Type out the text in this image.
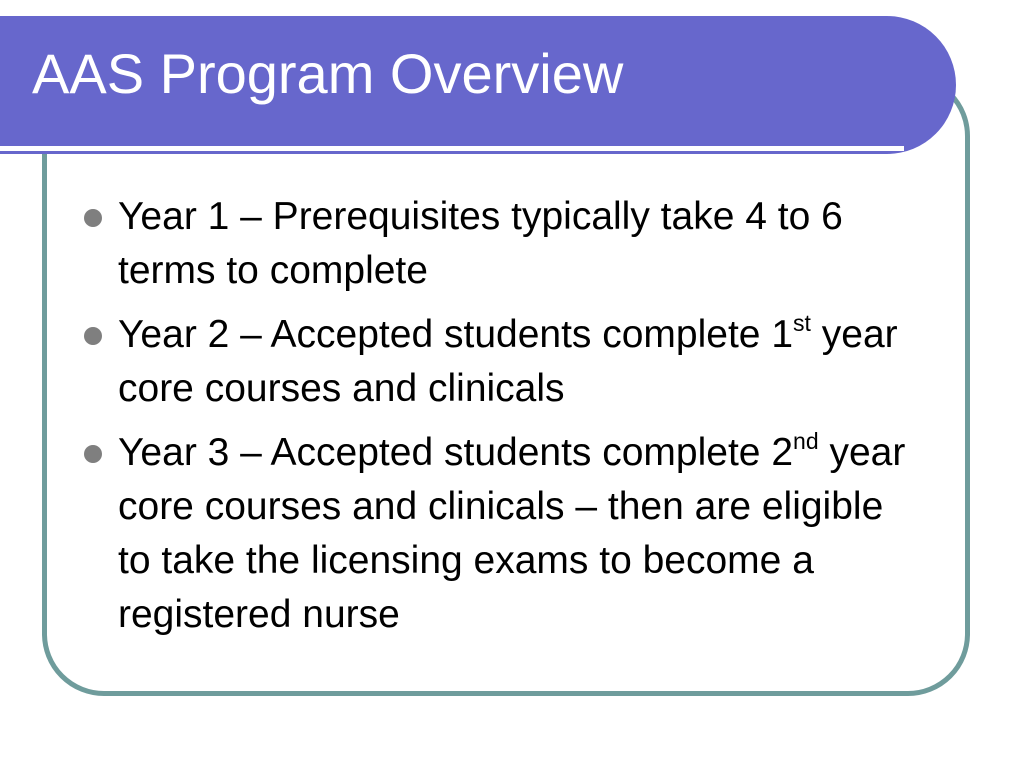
AAS Program Overview
Year 1 – Prerequisites typically take 4 to 6 terms to complete
Year 2 – Accepted students complete 1st year core courses and clinicals
Year 3 – Accepted students complete 2nd year core courses and clinicals – then are eligible to take the licensing exams to become a registered nurse
